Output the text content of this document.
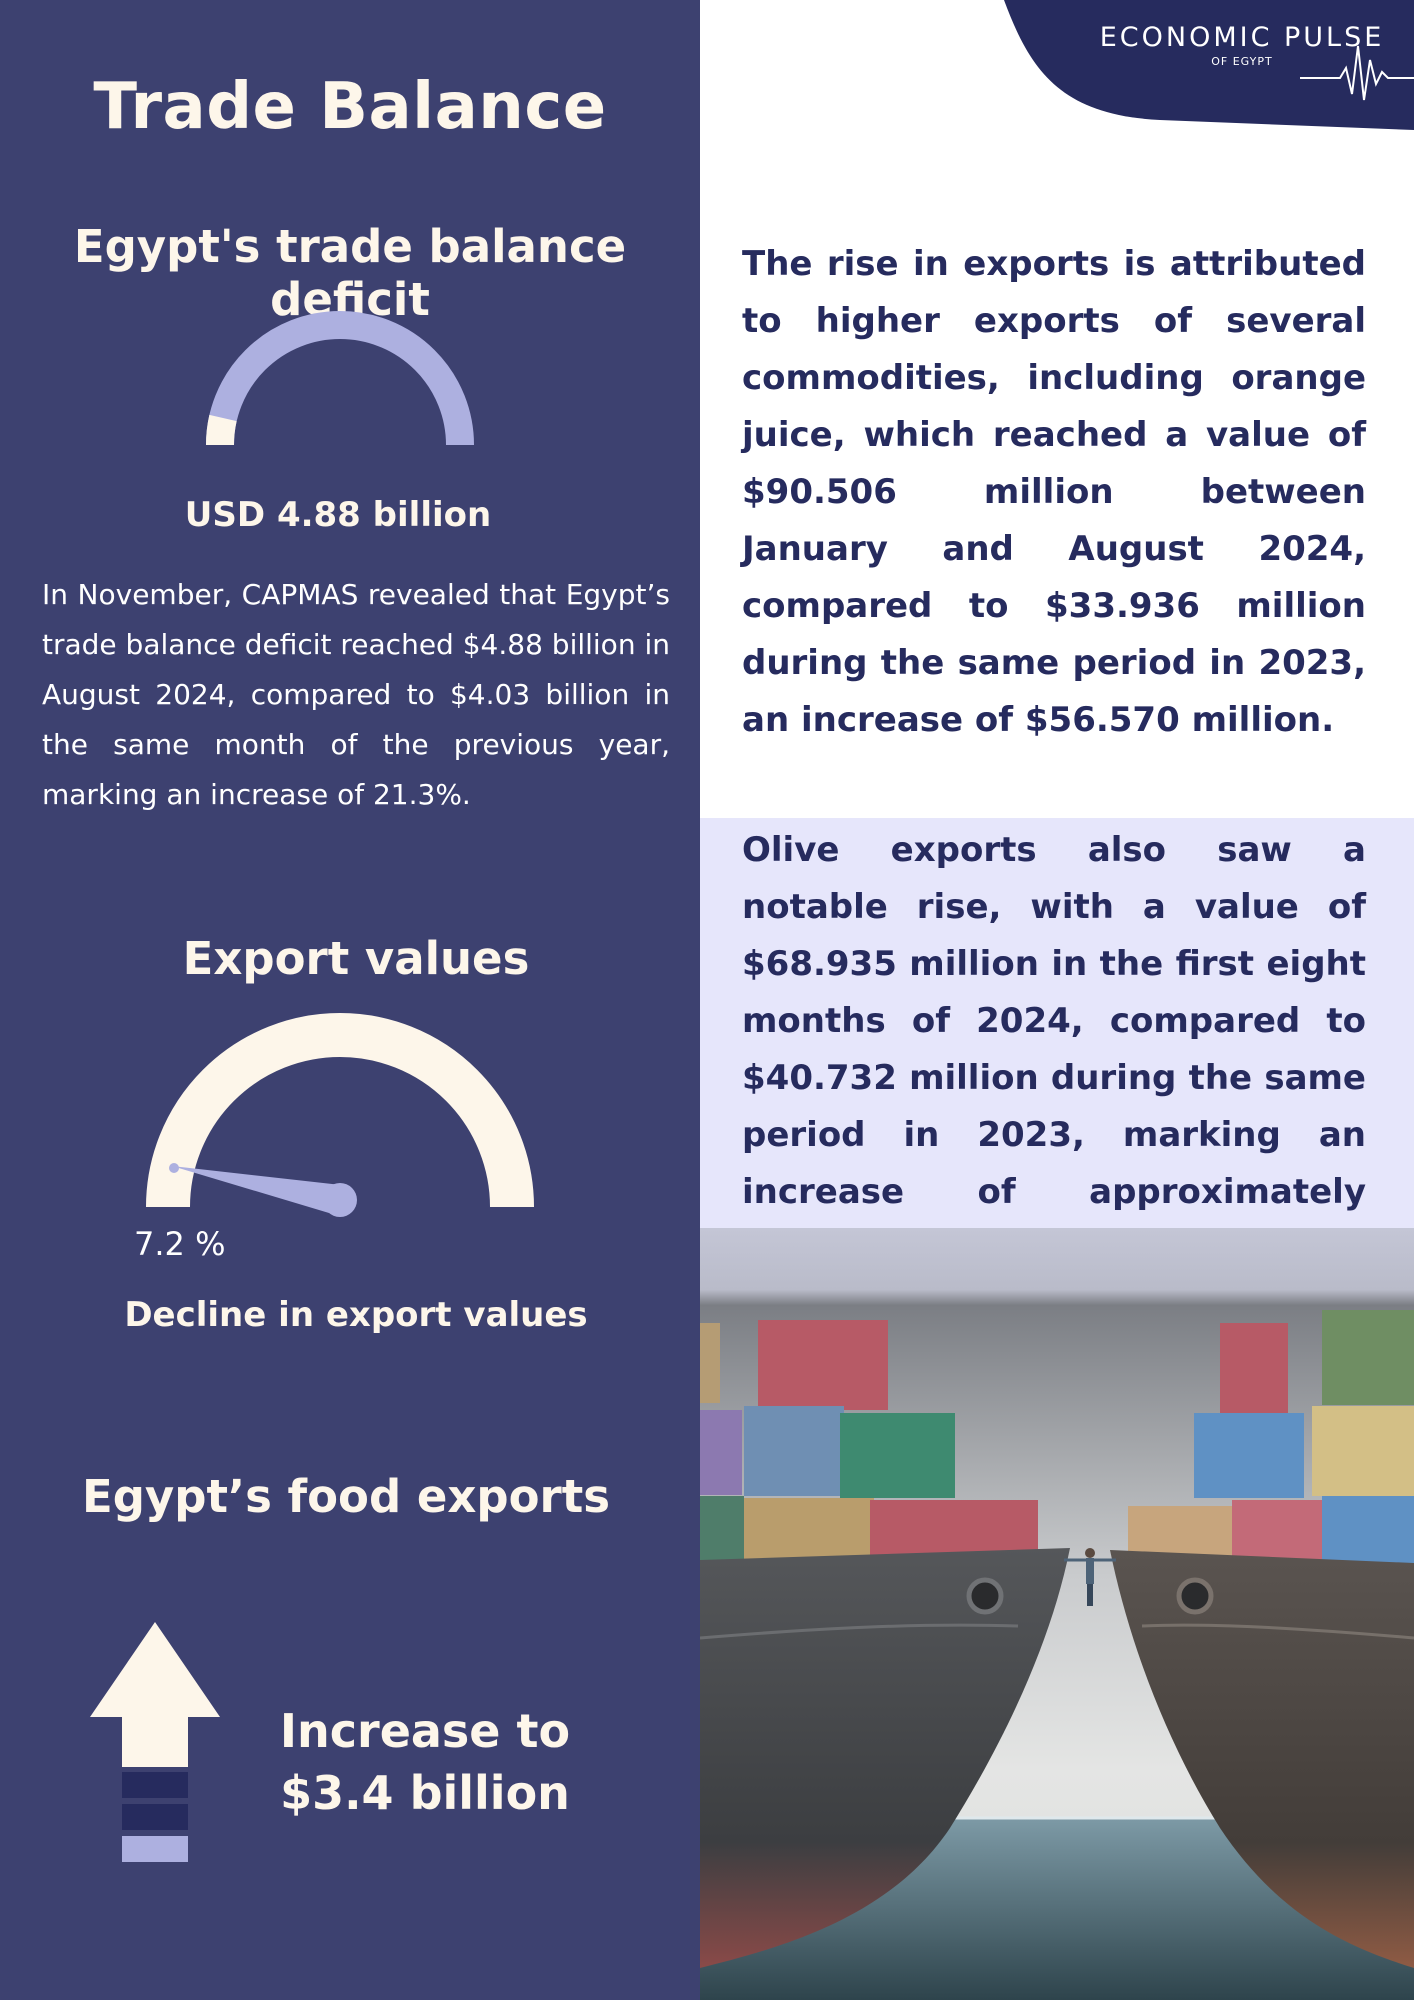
Trade Balance
Egypt's trade balance deficit
USD 4.88 billion

In November, CAPMAS revealed that Egypt’s trade balance deficit reached $4.88 billion in August 2024, compared to $4.03 billion in the same month of the previous year, marking an increase of 21.3%.

Export values
7.2 %
Decline in export values
Egypt’s food exports
Increase to
$3.4 billion
ECONOMIC PULSE
OF EGYPT

The rise in exports is attributed to higher exports of several commodities, including orange juice, which reached a value of $90.506 million between January and August 2024, compared to $33.936 million during the same period in 2023, an increase of $56.570 million.

Olive exports also saw a notable rise, with a value of $68.935 million in the first eight months of 2024, compared to $40.732 million during the same period in 2023, marking an increase of approximately
